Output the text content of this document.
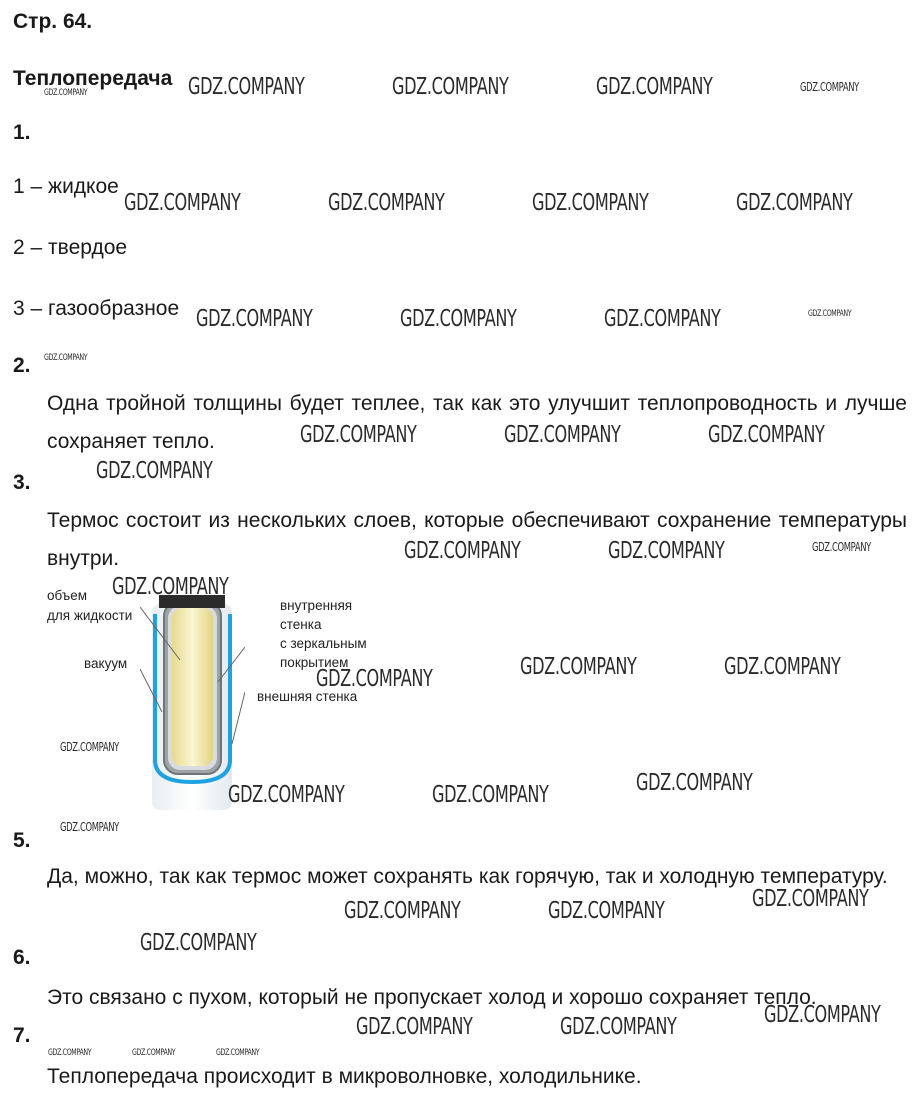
Стр. 64.
Теплопередача
1.
1 – жидкое
2 – твердое
3 – газообразное
2.
Одна тройной толщины будет теплее, так как это улучшит теплопроводность и лучше сохраняет тепло.
3.
Термос состоит из нескольких слоев, которые обеспечивают сохранение температуры внутри.
объем
для жидкости
вакуум
внутренняя
стенка
с зеркальным
покрытием
внешняя стенка
5.
Да, можно, так как термос может сохранять как горячую, так и холодную температуру.
6.
Это связано с пухом, который не пропускает холод и хорошо сохраняет тепло.
7.
Теплопередача происходит в микроволновке, холодильнике.
GDZ.COMPANY	GDZ.COMPANY	GDZ.COMPANY	GDZ.COMPANY
GDZ.COMPANY
GDZ.COMPANY	GDZ.COMPANY	GDZ.COMPANY	GDZ.COMPANY
GDZ.COMPANY	GDZ.COMPANY	GDZ.COMPANY	GDZ.COMPANY
GDZ.COMPANY
GDZ.COMPANY	GDZ.COMPANY	GDZ.COMPANY
GDZ.COMPANY
GDZ.COMPANY	GDZ.COMPANY	GDZ.COMPANY
GDZ.COMPANY
GDZ.COMPANY	GDZ.COMPANY
GDZ.COMPANY
GDZ.COMPANY
GDZ.COMPANY
GDZ.COMPANY	GDZ.COMPANY
GDZ.COMPANY
GDZ.COMPANY
GDZ.COMPANY	GDZ.COMPANY
GDZ.COMPANY
GDZ.COMPANY
GDZ.COMPANY	GDZ.COMPANY
GDZ.COMPANY	GDZ.COMPANY	GDZ.COMPANY
